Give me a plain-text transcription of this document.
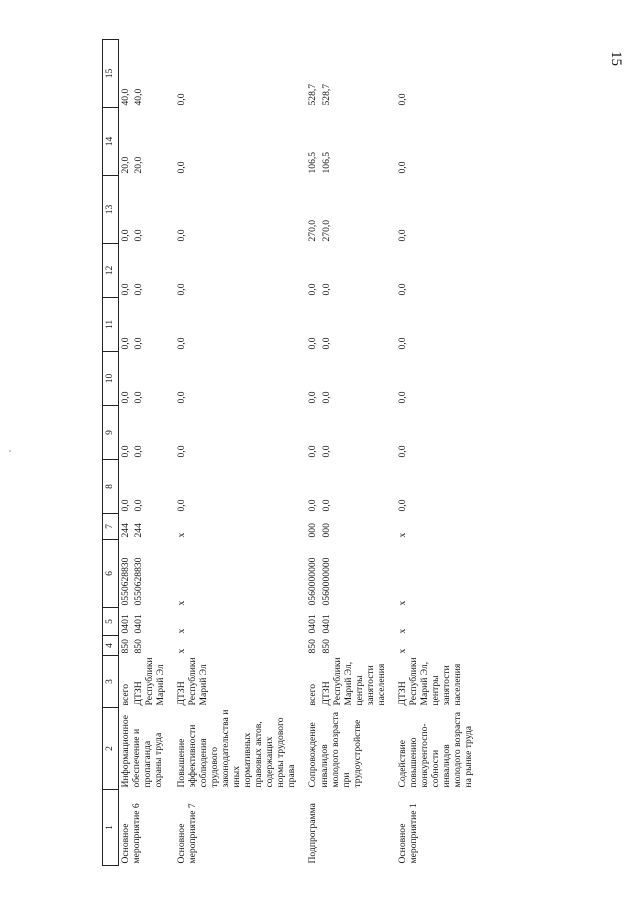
15
1	2	3	4	5	6	7	8	9	10	11	12	13	14	15
Основное мероприятие 6	Информационное обеспечение и пропаганда охраны труда	всего	850	0401	0550628830	244	0,0	0,0	0,0	0,0	0,0	0,0	20,0	40,0
		ДТЗН Республики Марий Эл	850	0401	0550628830	244	0,0	0,0	0,0	0,0	0,0	0,0	20,0	40,0

Основное мероприятие 7	Повышение эффективности соблюдения трудового законодательства и иных нормативных правовых актов, содержащих нормы трудового права	ДТЗН Республики Марий Эл	х	х	х	х	0,0	0,0	0,0	0,0	0,0	0,0	0,0	0,0

Подпрограмма	Сопровождение инвалидов молодого возраста при трудоустройстве	всего	850	0401	0560000000	000	0,0	0,0	0,0	0,0	0,0	270,0	106,5	528,7
		ДТЗН Республики Марий Эл, центры занятости населения	850	0401	0560000000	000	0,0	0,0	0,0	0,0	0,0	270,0	106,5	528,7

Основное мероприятие 1	Содействие повышению конкурентоспо-собности инвалидов молодого возраста на рынке труда	ДТЗН Республики Марий Эл, центры занятости населения	х	х	х	х	0,0	0,0	0,0	0,0	0,0	0,0	0,0	0,0
